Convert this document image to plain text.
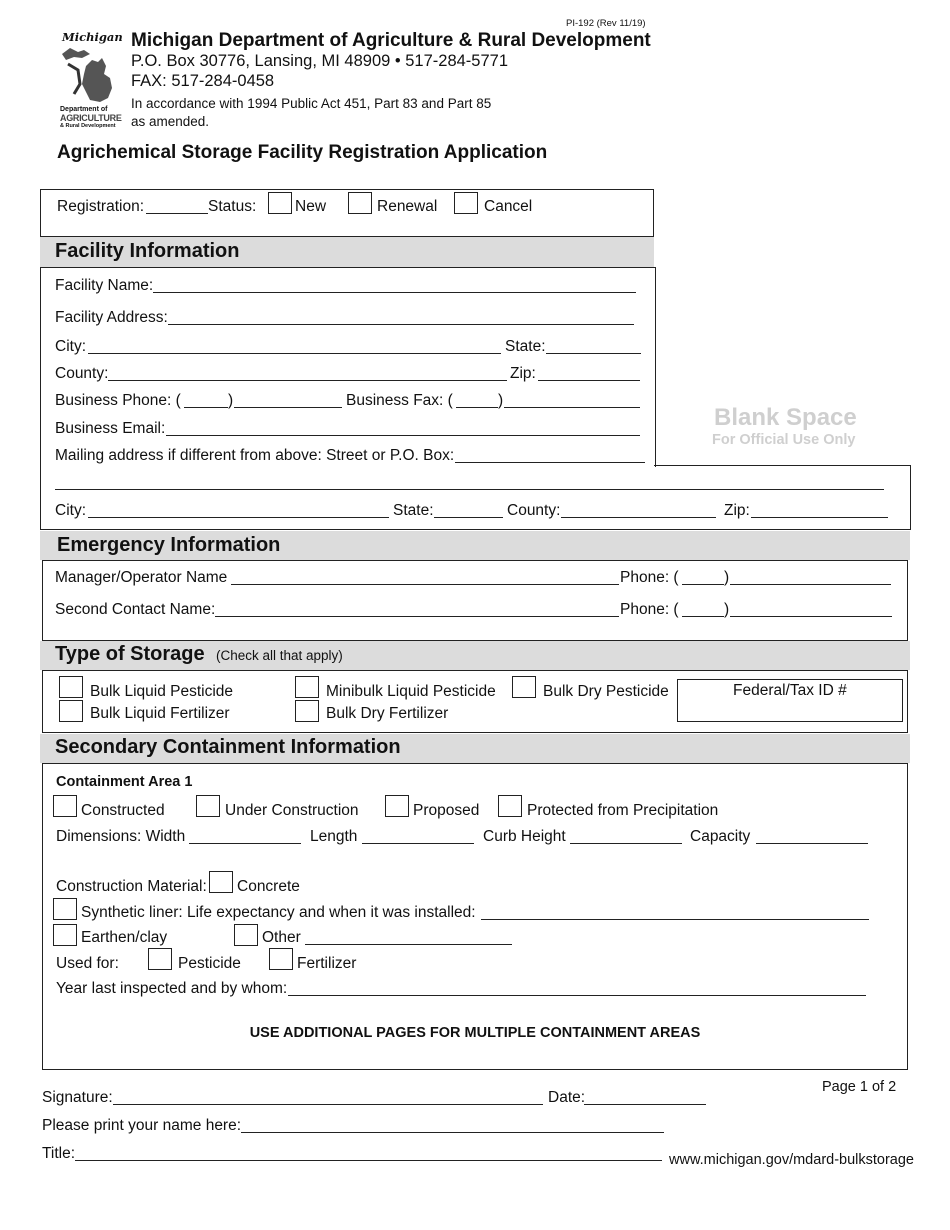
PI-192 (Rev 11/19)
Michigan
Department of
AGRICULTURE
& Rural Development
Michigan Department of Agriculture & Rural Development
P.O. Box 30776, Lansing, MI 48909 • 517-284-5771
FAX: 517-284-0458
In accordance with 1994 Public Act 451, Part 83 and Part 85
as amended.
Agrichemical Storage Facility Registration Application
Registration:	Status:	New	Renewal	Cancel
Facility Information
Facility Name:
Facility Address:
City:	State:
County:	Zip:
Business Phone: (	)	Business Fax: (	)
Business Email:
Mailing address if different from above: Street or P.O. Box:
City:	State:	County:	Zip:
Blank Space
For Official Use Only
Emergency Information
Manager/Operator Name	Phone: (	)
Second Contact Name:	Phone: (	)
Type of Storage (Check all that apply)
Bulk Liquid Pesticide	Minibulk Liquid Pesticide	Bulk Dry Pesticide
Bulk Liquid Fertilizer	Bulk Dry Fertilizer
Federal/Tax ID #
Secondary Containment Information
Containment Area 1
Constructed	Under Construction	Proposed	Protected from Precipitation
Dimensions: Width	Length	Curb Height	Capacity
Construction Material: Concrete
Synthetic liner: Life expectancy and when it was installed:
Earthen/clay	Other
Used for:	Pesticide	Fertilizer
Year last inspected and by whom:
USE ADDITIONAL PAGES FOR MULTIPLE CONTAINMENT AREAS
Page 1 of 2
Signature:	Date:
Please print your name here:
Title:	www.michigan.gov/mdard-bulkstorage
